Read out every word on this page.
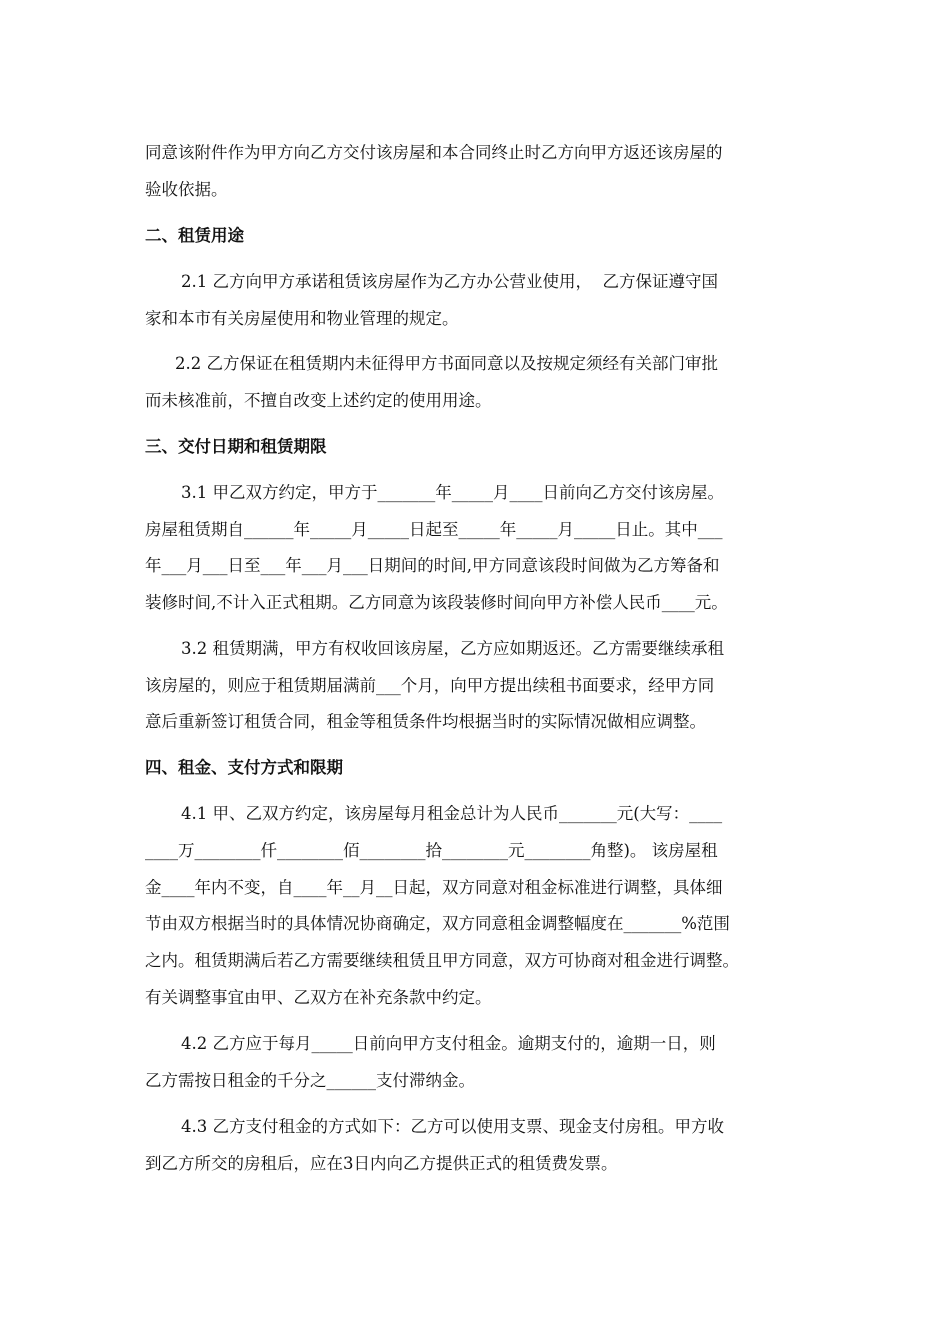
同意该附件作为甲方向乙方交付该房屋和本合同终止时乙方向甲方返还该房屋的
验收依据。
二、租赁用途
2.1 乙方向甲方承诺租赁该房屋作为乙方办公营业使用，  乙方保证遵守国
家和本市有关房屋使用和物业管理的规定。
2.2 乙方保证在租赁期内未征得甲方书面同意以及按规定须经有关部门审批
而未核准前，不擅自改变上述约定的使用用途。
三、交付日期和租赁期限
3.1 甲乙双方约定，甲方于_______年_____月____日前向乙方交付该房屋。
房屋租赁期自______年_____月_____日起至_____年_____月_____日止。其中___
年___月___日至___年___月___日期间的时间,甲方同意该段时间做为乙方筹备和
装修时间,不计入正式租期。乙方同意为该段装修时间向甲方补偿人民币____元。
3.2 租赁期满，甲方有权收回该房屋，乙方应如期返还。乙方需要继续承租
该房屋的，则应于租赁期届满前___个月，向甲方提出续租书面要求，经甲方同
意后重新签订租赁合同，租金等租赁条件均根据当时的实际情况做相应调整。
四、租金、支付方式和限期
4.1 甲、乙双方约定，该房屋每月租金总计为人民币_______元(大写：____
____万________仟________佰________拾________元________角整)。 该房屋租
金____年内不变，自____年__月__日起，双方同意对租金标准进行调整，具体细
节由双方根据当时的具体情况协商确定，双方同意租金调整幅度在_______%范围
之内。租赁期满后若乙方需要继续租赁且甲方同意，双方可协商对租金进行调整。
有关调整事宜由甲、乙双方在补充条款中约定。
4.2 乙方应于每月_____日前向甲方支付租金。逾期支付的，逾期一日，则
乙方需按日租金的千分之______支付滞纳金。
4.3 乙方支付租金的方式如下：乙方可以使用支票、现金支付房租。甲方收
到乙方所交的房租后，应在3日内向乙方提供正式的租赁费发票。
